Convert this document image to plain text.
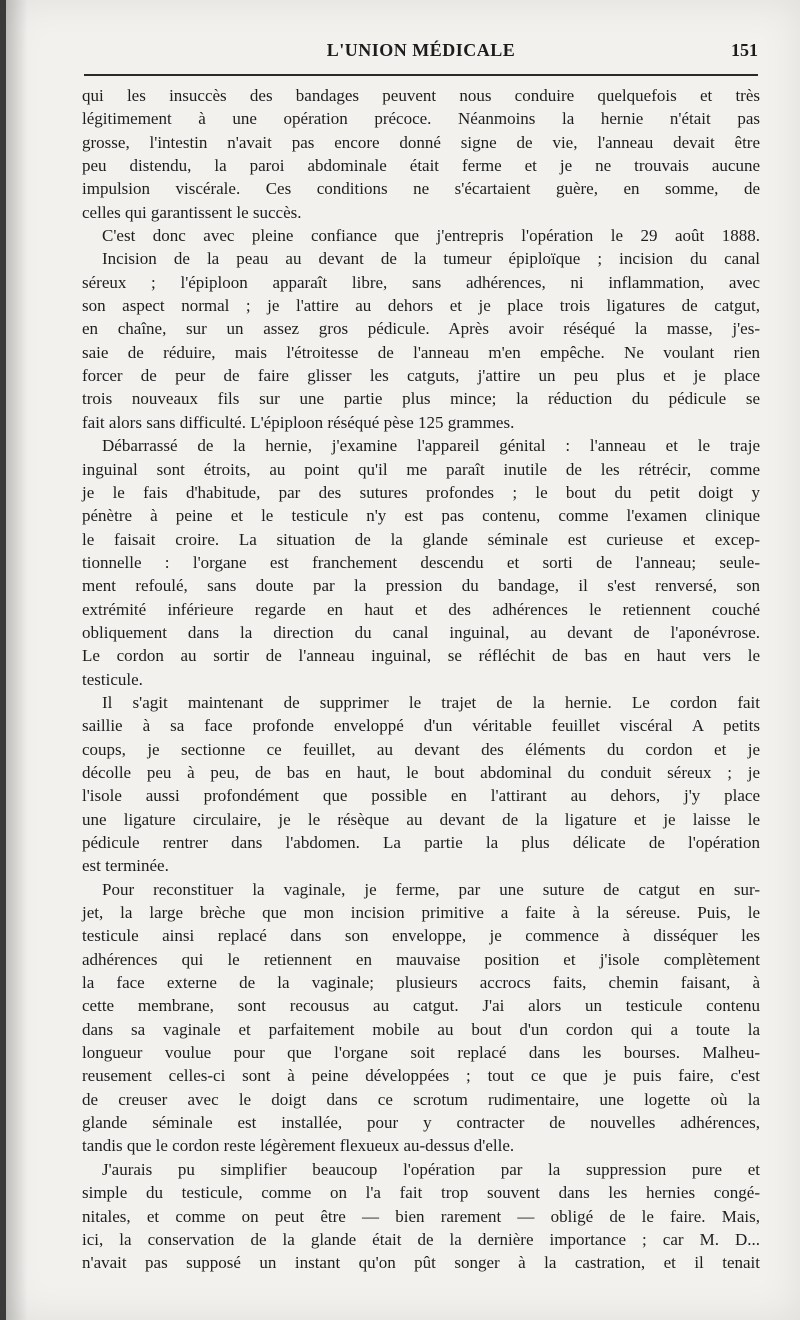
L'UNION MÉDICALE	151
qui les insuccès des bandages peuvent nous conduire quelquefois et très
légitimement à une opération précoce. Néanmoins la hernie n'était pas
grosse, l'intestin n'avait pas encore donné signe de vie, l'anneau devait être
peu distendu, la paroi abdominale était ferme et je ne trouvais aucune
impulsion viscérale. Ces conditions ne s'écartaient guère, en somme, de
celles qui garantissent le succès.
C'est donc avec pleine confiance que j'entrepris l'opération le 29 août 1888.
Incision de la peau au devant de la tumeur épiploïque ; incision du canal
séreux ; l'épiploon apparaît libre, sans adhérences, ni inflammation, avec
son aspect normal ; je l'attire au dehors et je place trois ligatures de catgut,
en chaîne, sur un assez gros pédicule. Après avoir réséqué la masse, j'es-
saie de réduire, mais l'étroitesse de l'anneau m'en empêche. Ne voulant rien
forcer de peur de faire glisser les catguts, j'attire un peu plus et je place
trois nouveaux fils sur une partie plus mince; la réduction du pédicule se
fait alors sans difficulté. L'épiploon réséqué pèse 125 grammes.
Débarrassé de la hernie, j'examine l'appareil génital : l'anneau et le traje
inguinal sont étroits, au point qu'il me paraît inutile de les rétrécir, comme
je le fais d'habitude, par des sutures profondes ; le bout du petit doigt y
pénètre à peine et le testicule n'y est pas contenu, comme l'examen clinique
le faisait croire. La situation de la glande séminale est curieuse et excep-
tionnelle : l'organe est franchement descendu et sorti de l'anneau; seule-
ment refoulé, sans doute par la pression du bandage, il s'est renversé, son
extrémité inférieure regarde en haut et des adhérences le retiennent couché
obliquement dans la direction du canal inguinal, au devant de l'aponévrose.
Le cordon au sortir de l'anneau inguinal, se réfléchit de bas en haut vers le
testicule.
Il s'agit maintenant de supprimer le trajet de la hernie. Le cordon fait
saillie à sa face profonde enveloppé d'un véritable feuillet viscéral A petits
coups, je sectionne ce feuillet, au devant des éléments du cordon et je
décolle peu à peu, de bas en haut, le bout abdominal du conduit séreux ; je
l'isole aussi profondément que possible en l'attirant au dehors, j'y place
une ligature circulaire, je le résèque au devant de la ligature et je laisse le
pédicule rentrer dans l'abdomen. La partie la plus délicate de l'opération
est terminée.
Pour reconstituer la vaginale, je ferme, par une suture de catgut en sur-
jet, la large brèche que mon incision primitive a faite à la séreuse. Puis, le
testicule ainsi replacé dans son enveloppe, je commence à disséquer les
adhérences qui le retiennent en mauvaise position et j'isole complètement
la face externe de la vaginale; plusieurs accrocs faits, chemin faisant, à
cette membrane, sont recousus au catgut. J'ai alors un testicule contenu
dans sa vaginale et parfaitement mobile au bout d'un cordon qui a toute la
longueur voulue pour que l'organe soit replacé dans les bourses. Malheu-
reusement celles-ci sont à peine développées ; tout ce que je puis faire, c'est
de creuser avec le doigt dans ce scrotum rudimentaire, une logette où la
glande séminale est installée, pour y contracter de nouvelles adhérences,
tandis que le cordon reste légèrement flexueux au-dessus d'elle.
J'aurais pu simplifier beaucoup l'opération par la suppression pure et
simple du testicule, comme on l'a fait trop souvent dans les hernies congé-
nitales, et comme on peut être — bien rarement — obligé de le faire. Mais,
ici, la conservation de la glande était de la dernière importance ; car M. D...
n'avait pas supposé un instant qu'on pût songer à la castration, et il tenait
